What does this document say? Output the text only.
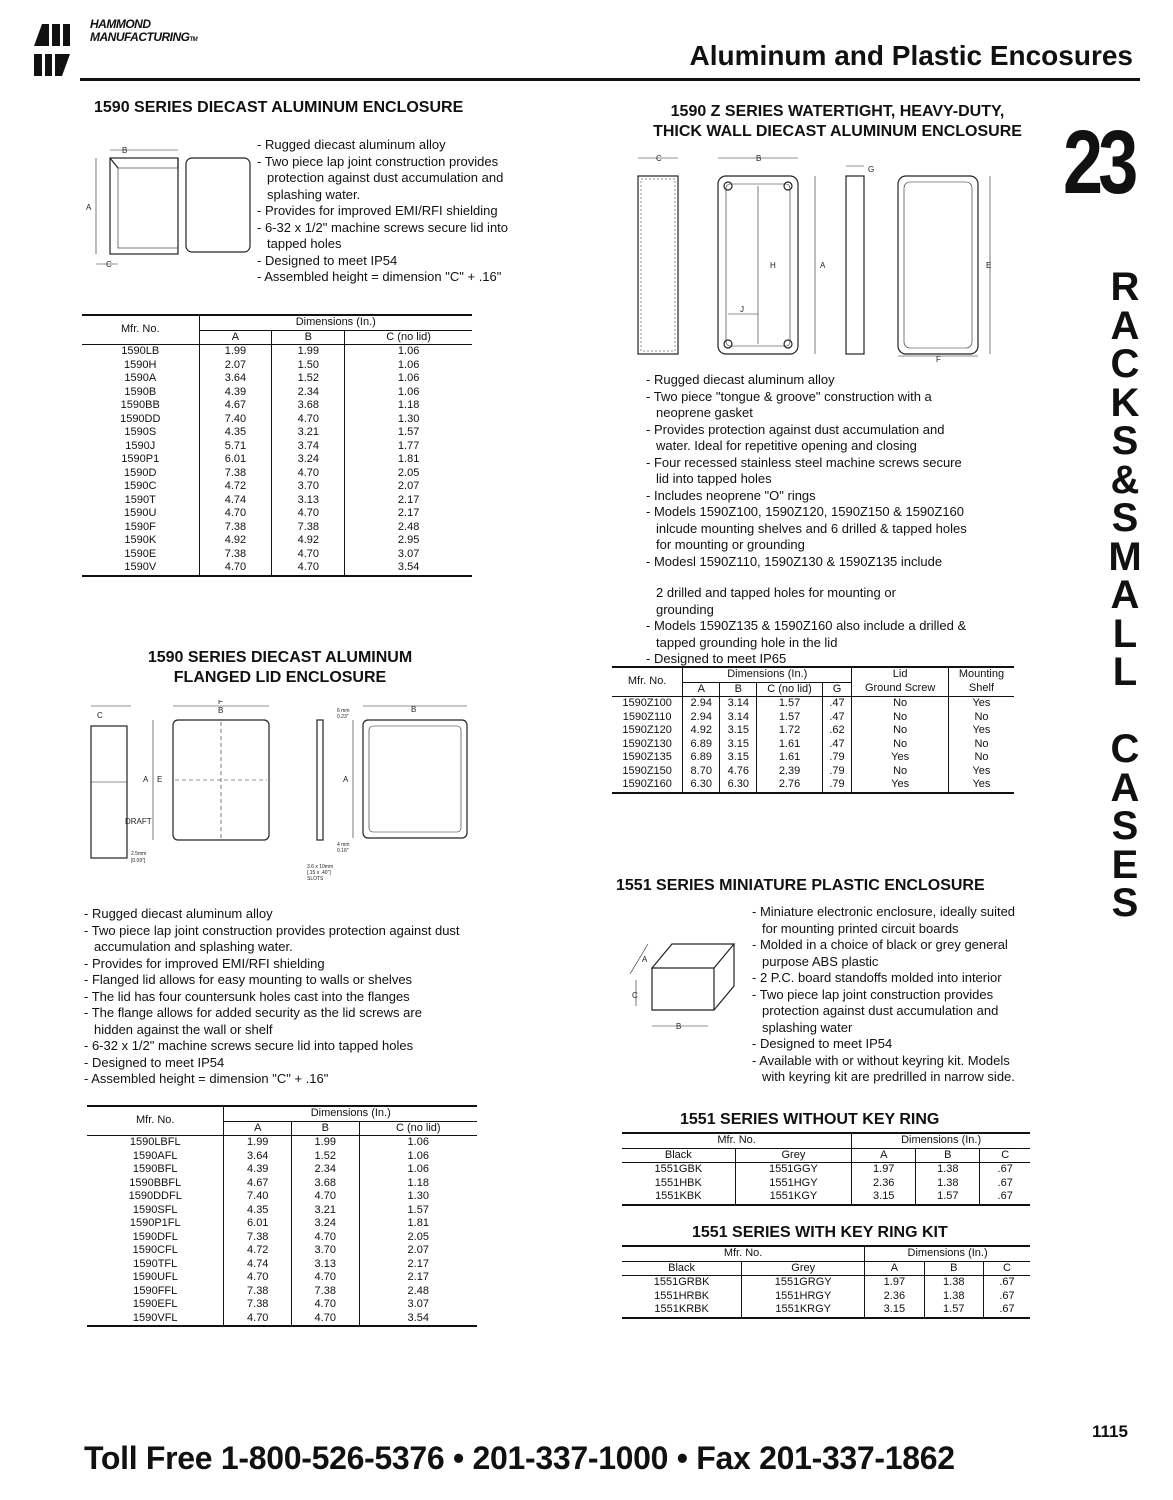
HAMMOND
MANUFACTURINGTM	Aluminum and Plastic Encosures
23
R
A
C
K
S
&
S
M
A
L
L

C
A
S
E
S
1590 SERIES DIECAST ALUMINUM ENCLOSURE
A
B
C
- Rugged diecast aluminum alloy
- Two piece lap joint construction provides protection against dust accumulation and splashing water.
- Provides for improved EMI/RFI shielding
- 6-32 x 1/2" machine screws secure lid into tapped holes
- Designed to meet IP54
- Assembled height = dimension "C" + .16"
Mfr. No.	Dimensions (In.)		
	A	B	C (no lid)
1590LB	1.99	1.99	1.06
1590H	2.07	1.50	1.06
1590A	3.64	1.52	1.06
1590B	4.39	2.34	1.06
1590BB	4.67	3.68	1.18
1590DD	7.40	4.70	1.30
1590S	4.35	3.21	1.57
1590J	5.71	3.74	1.77
1590P1	6.01	3.24	1.81
1590D	7.38	4.70	2.05
1590C	4.72	3.70	2.07
1590T	4.74	3.13	2.17
1590U	4.70	4.70	2.17
1590F	7.38	7.38	2.48
1590K	4.92	4.92	2.95
1590E	7.38	4.70	3.07
1590V	4.70	4.70	3.54
1590 SERIES DIECAST ALUMINUM
FLANGED LID ENCLOSURE
C
DRAFT
2.5mm
[0.09"]
F
B
A E
6 mm
0.23"
4 mm
0.16"
3.6 x 10mm
[.15 x .40"]
SLOTS
B
A
- Rugged diecast aluminum alloy
- Two piece lap joint construction provides protection against dust accumulation and splashing water.
- Provides for improved EMI/RFI shielding
- Flanged lid allows for easy mounting to walls or shelves
- The lid has four countersunk holes cast into the flanges
- The flange allows for added security as the lid screws are hidden against the wall or shelf
- 6-32 x 1/2" machine screws secure lid into tapped holes
- Designed to meet IP54
- Assembled height = dimension "C" + .16"
Mfr. No.	Dimensions (In.)		
	A	B	C (no lid)
1590LBFL	1.99	1.99	1.06
1590AFL	3.64	1.52	1.06
1590BFL	4.39	2.34	1.06
1590BBFL	4.67	3.68	1.18
1590DDFL	7.40	4.70	1.30
1590SFL	4.35	3.21	1.57
1590P1FL	6.01	3.24	1.81
1590DFL	7.38	4.70	2.05
1590CFL	4.72	3.70	2.07
1590TFL	4.74	3.13	2.17
1590UFL	4.70	4.70	2.17
1590FFL	7.38	7.38	2.48
1590EFL	7.38	4.70	3.07
1590VFL	4.70	4.70	3.54
1590 Z SERIES WATERTIGHT, HEAVY-DUTY,
THICK WALL DIECAST ALUMINUM ENCLOSURE
C	B
H	A
J
G
E
F
- Rugged diecast aluminum alloy
- Two piece "tongue & groove" construction with a neoprene gasket
- Provides protection against dust accumulation and water. Ideal for repetitive opening and closing
- Four recessed stainless steel machine screws secure lid into tapped holes
- Includes neoprene "O" rings
- Models 1590Z100, 1590Z120, 1590Z150 & 1590Z160 inlcude mounting shelves and 6 drilled & tapped holes for mounting or grounding
- Modesl 1590Z110, 1590Z130 & 1590Z135 include
2 drilled and tapped holes for mounting or grounding
- Models 1590Z135 & 1590Z160 also include a drilled & tapped grounding hole in the lid
- Designed to meet IP65
Mfr. No.	Dimensions (In.)				Lid	Mounting
	A	B	C (no lid)	G	Ground Screw	Shelf
1590Z100	2.94	3.14	1.57	.47	No	Yes
1590Z110	2.94	3.14	1.57	.47	No	No
1590Z120	4.92	3.15	1.72	.62	No	Yes
1590Z130	6.89	3.15	1.61	.47	No	No
1590Z135	6.89	3.15	1.61	.79	Yes	No
1590Z150	8.70	4.76	2.39	.79	No	Yes
1590Z160	6.30	6.30	2.76	.79	Yes	Yes
1551 SERIES MINIATURE PLASTIC ENCLOSURE
A
C
B
- Miniature electronic enclosure, ideally suited for mounting printed circuit boards
- Molded in a choice of black or grey general purpose ABS plastic
- 2 P.C. board standoffs molded into interior
- Two piece lap joint construction provides protection against dust accumulation and splashing water
- Designed to meet IP54
- Available with or without keyring kit. Models with keyring kit are predrilled in narrow side.
1551 SERIES WITHOUT KEY RING
Mfr. No.		Dimensions (In.)		
Black	Grey	A	B	C
1551GBK	1551GGY	1.97	1.38	.67
1551HBK	1551HGY	2.36	1.38	.67
1551KBK	1551KGY	3.15	1.57	.67
1551 SERIES WITH KEY RING KIT
Mfr. No.		Dimensions (In.)		
Black	Grey	A	B	C
1551GRBK	1551GRGY	1.97	1.38	.67
1551HRBK	1551HRGY	2.36	1.38	.67
1551KRBK	1551KRGY	3.15	1.57	.67
1115
Toll Free 1-800-526-5376 • 201-337-1000 • Fax 201-337-1862
